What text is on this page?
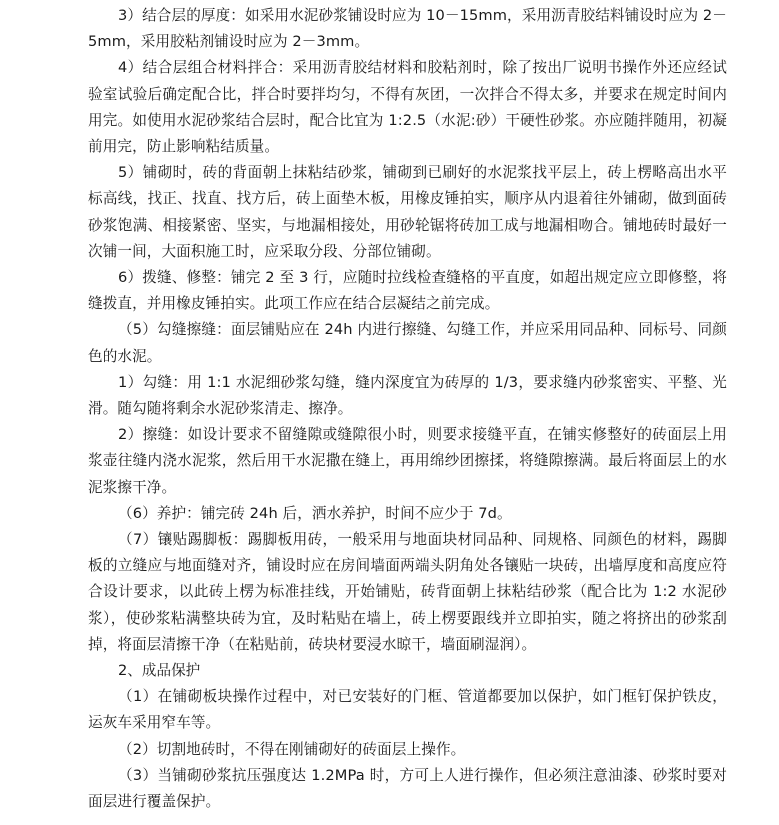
3）结合层的厚度：如采用水泥砂浆铺设时应为 10－15mm，采用沥青胶结料铺设时应为 2－5mm，采用胶粘剂铺设时应为 2－3mm。

4）结合层组合材料拌合：采用沥青胶结材料和胶粘剂时，除了按出厂说明书操作外还应经试验室试验后确定配合比，拌合时要拌均匀，不得有灰团，一次拌合不得太多，并要求在规定时间内用完。如使用水泥砂浆结合层时，配合比宜为 1:2.5（水泥:砂）干硬性砂浆。亦应随拌随用，初凝前用完，防止影响粘结质量。

5）铺砌时，砖的背面朝上抹粘结砂浆，铺砌到已刷好的水泥浆找平层上，砖上楞略高出水平标高线，找正、找直、找方后，砖上面垫木板，用橡皮锤拍实，顺序从内退着往外铺砌，做到面砖砂浆饱满、相接紧密、坚实，与地漏相接处，用砂轮锯将砖加工成与地漏相吻合。铺地砖时最好一次铺一间，大面积施工时，应采取分段、分部位铺砌。

6）拨缝、修整：铺完 2 至 3 行，应随时拉线检查缝格的平直度，如超出规定应立即修整，将缝拨直，并用橡皮锤拍实。此项工作应在结合层凝结之前完成。

（5）勾缝擦缝：面层铺贴应在 24h 内进行擦缝、勾缝工作，并应采用同品种、同标号、同颜色的水泥。

1）勾缝：用 1:1 水泥细砂浆勾缝，缝内深度宜为砖厚的 1/3，要求缝内砂浆密实、平整、光滑。随勾随将剩余水泥砂浆清走、擦净。

2）擦缝：如设计要求不留缝隙或缝隙很小时，则要求接缝平直，在铺实修整好的砖面层上用浆壶往缝内浇水泥浆，然后用干水泥撒在缝上，再用绵纱团擦揉，将缝隙擦满。最后将面层上的水泥浆擦干净。

（6）养护：铺完砖 24h 后，洒水养护，时间不应少于 7d。

（7）镶贴踢脚板：踢脚板用砖，一般采用与地面块材同品种、同规格、同颜色的材料，踢脚板的立缝应与地面缝对齐，铺设时应在房间墙面两端头阴角处各镶贴一块砖，出墙厚度和高度应符合设计要求，以此砖上楞为标准挂线，开始铺贴，砖背面朝上抹粘结砂浆（配合比为 1:2 水泥砂浆），使砂浆粘满整块砖为宜，及时粘贴在墙上，砖上楞要跟线并立即拍实，随之将挤出的砂浆刮掉，将面层清擦干净（在粘贴前，砖块材要浸水晾干，墙面刷湿润）。

2、成品保护

（1）在铺砌板块操作过程中，对已安装好的门框、管道都要加以保护，如门框钉保护铁皮，运灰车采用窄车等。

（2）切割地砖时，不得在刚铺砌好的砖面层上操作。

（3）当铺砌砂浆抗压强度达 1.2MPa 时，方可上人进行操作，但必须注意油漆、砂浆时要对面层进行覆盖保护。
